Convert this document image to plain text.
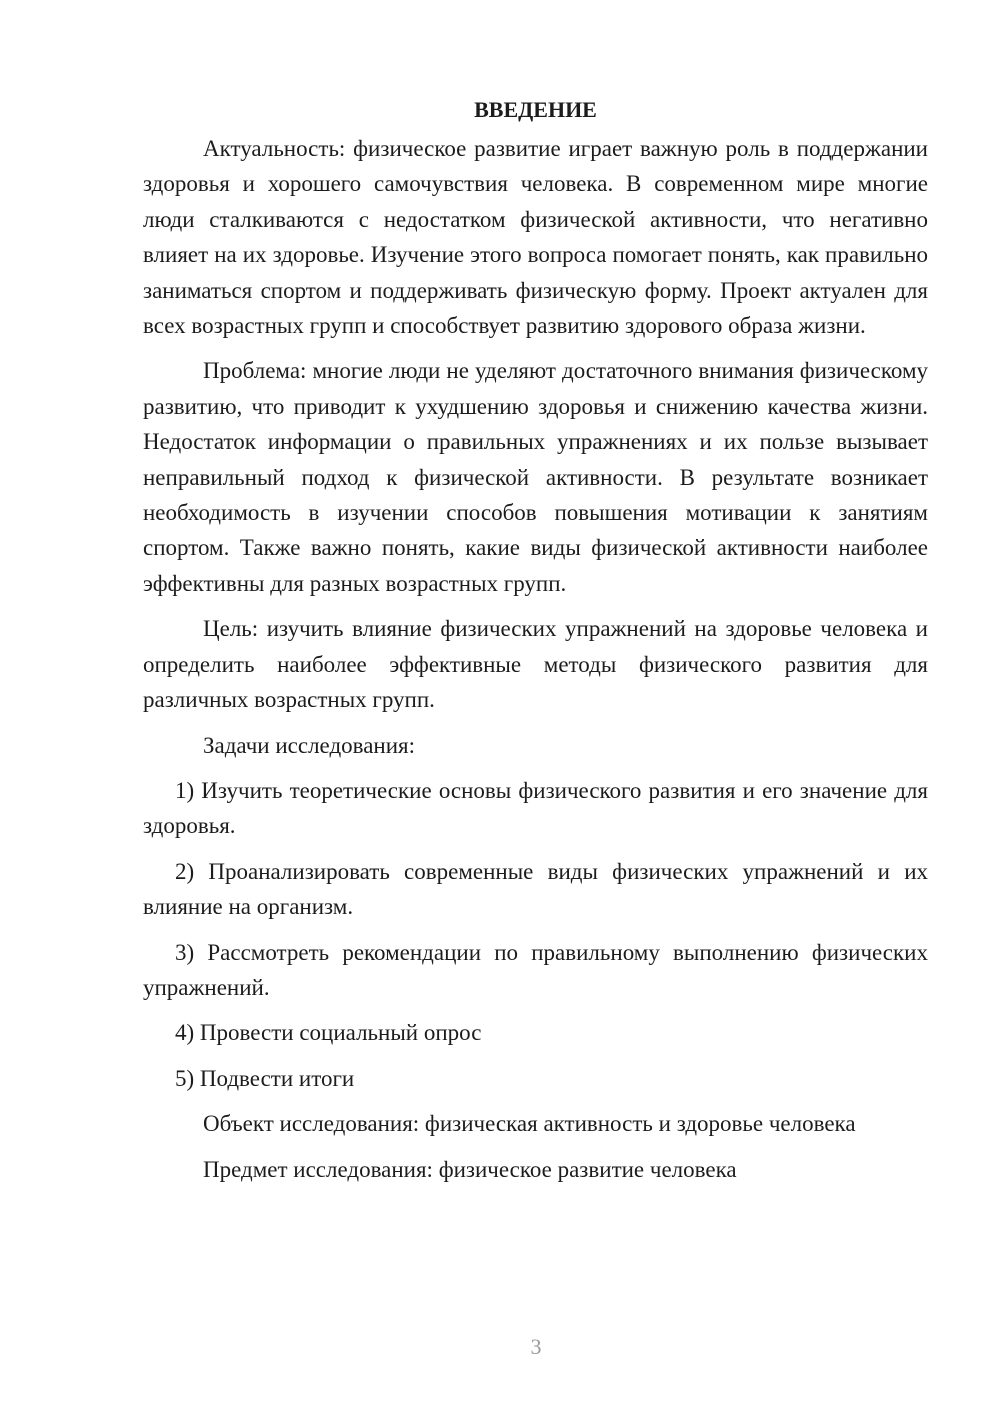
ВВЕДЕНИЕ

Актуальность: физическое развитие играет важную роль в поддержании здоровья и хорошего самочувствия человека. В современном мире многие люди сталкиваются с недостатком физической активности, что негативно влияет на их здоровье. Изучение этого вопроса помогает понять, как правильно заниматься спортом и поддерживать физическую форму. Проект актуален для всех возрастных групп и способствует развитию здорового образа жизни.

Проблема: многие люди не уделяют достаточного внимания физическому развитию, что приводит к ухудшению здоровья и снижению качества жизни. Недостаток информации о правильных упражнениях и их пользе вызывает неправильный подход к физической активности. В результате возникает необходимость в изучении способов повышения мотивации к занятиям спортом. Также важно понять, какие виды физической активности наиболее эффективны для разных возрастных групп.

Цель: изучить влияние физических упражнений на здоровье человека и определить наиболее эффективные методы физического развития для различных возрастных групп.

Задачи исследования:

1) Изучить теоретические основы физического развития и его значение для здоровья.

2) Проанализировать современные виды физических упражнений и их влияние на организм.

3) Рассмотреть рекомендации по правильному выполнению физических упражнений.

4) Провести социальный опрос

5) Подвести итоги

Объект исследования: физическая активность и здоровье человека

Предмет исследования: физическое развитие человека

3
